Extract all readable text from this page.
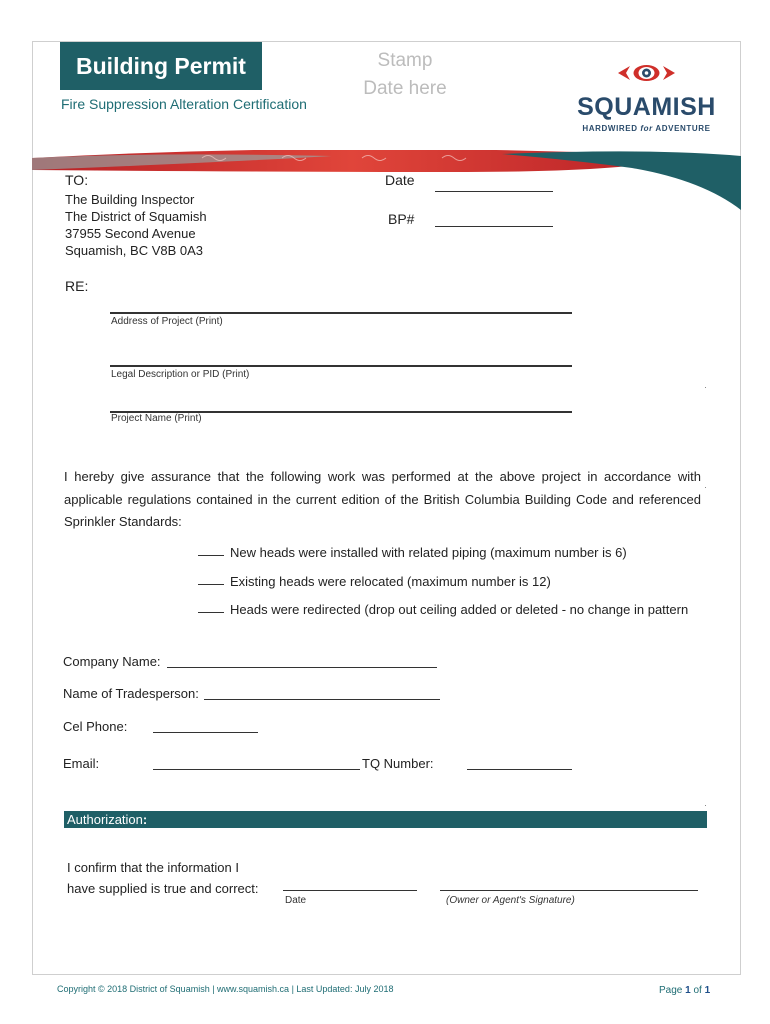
Building Permit
Fire Suppression Alteration Certification
Stamp
Date here
SQUAMISH
HARDWIRED for ADVENTURE
TO:
The Building Inspector
The District of Squamish
37955 Second Avenue
Squamish, BC V8B 0A3
Date
BP#
RE:
Address of Project (Print)
Legal Description or PID (Print)
Project Name (Print)
I hereby give assurance that the following work was performed at the above project in accordance with applicable regulations contained in the current edition of the British Columbia Building Code and referenced Sprinkler Standards:
New heads were installed with related piping (maximum number is 6)
Existing heads were relocated (maximum number is 12)
Heads were redirected (drop out ceiling added or deleted - no change in pattern
Company Name:
Name of Tradesperson:
Cel Phone:
Email:	TQ Number:
Authorization:
I confirm that the information I
have supplied is true and correct:
Date	(Owner or Agent's Signature)
Copyright © 2018 District of Squamish | www.squamish.ca | Last Updated: July 2018	Page 1 of 1
